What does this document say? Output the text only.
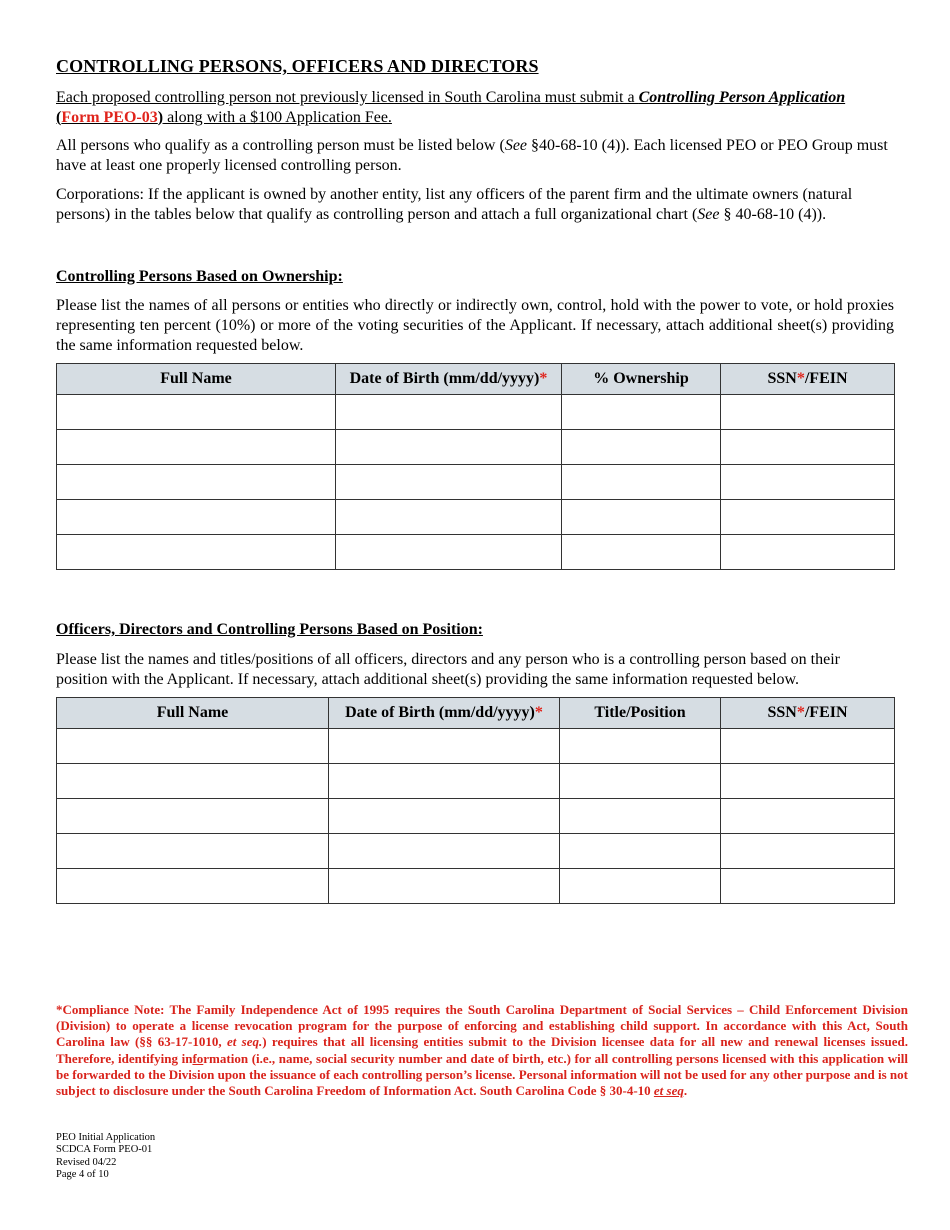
CONTROLLING PERSONS, OFFICERS AND DIRECTORS

Each proposed controlling person not previously licensed in South Carolina must submit a Controlling Person Application
(Form PEO-03) along with a $100 Application Fee.

All persons who qualify as a controlling person must be listed below (See §40-68-10 (4)). Each licensed PEO or PEO Group must have at least one properly licensed controlling person.

Corporations: If the applicant is owned by another entity, list any officers of the parent firm and the ultimate owners (natural persons) in the tables below that qualify as controlling person and attach a full organizational chart (See § 40-68-10 (4)).

Controlling Persons Based on Ownership:

Please list the names of all persons or entities who directly or indirectly own, control, hold with the power to vote, or hold proxies representing ten percent (10%) or more of the voting securities of the Applicant. If necessary, attach additional sheet(s) providing the same information requested below.

Full Name	Date of Birth (mm/dd/yyyy)*	% Ownership	SSN*/FEIN

Officers, Directors and Controlling Persons Based on Position:

Please list the names and titles/positions of all officers, directors and any person who is a controlling person based on their position with the Applicant. If necessary, attach additional sheet(s) providing the same information requested below.

Full Name	Date of Birth (mm/dd/yyyy)*	Title/Position	SSN*/FEIN

*Compliance Note: The Family Independence Act of 1995 requires the South Carolina Department of Social Services – Child Enforcement Division (Division) to operate a license revocation program for the purpose of enforcing and establishing child support. In accordance with this Act, South Carolina law (§§ 63-17-1010, et seq.) requires that all licensing entities submit to the Division licensee data for all new and renewal licenses issued. Therefore, identifying information (i.e., name, social security number and date of birth, etc.) for all controlling persons licensed with this application will be forwarded to the Division upon the issuance of each controlling person’s license. Personal information will not be used for any other purpose and is not subject to disclosure under the South Carolina Freedom of Information Act. South Carolina Code § 30-4-10 et seq.

PEO Initial Application
SCDCA Form PEO-01
Revised 04/22
Page 4 of 10
